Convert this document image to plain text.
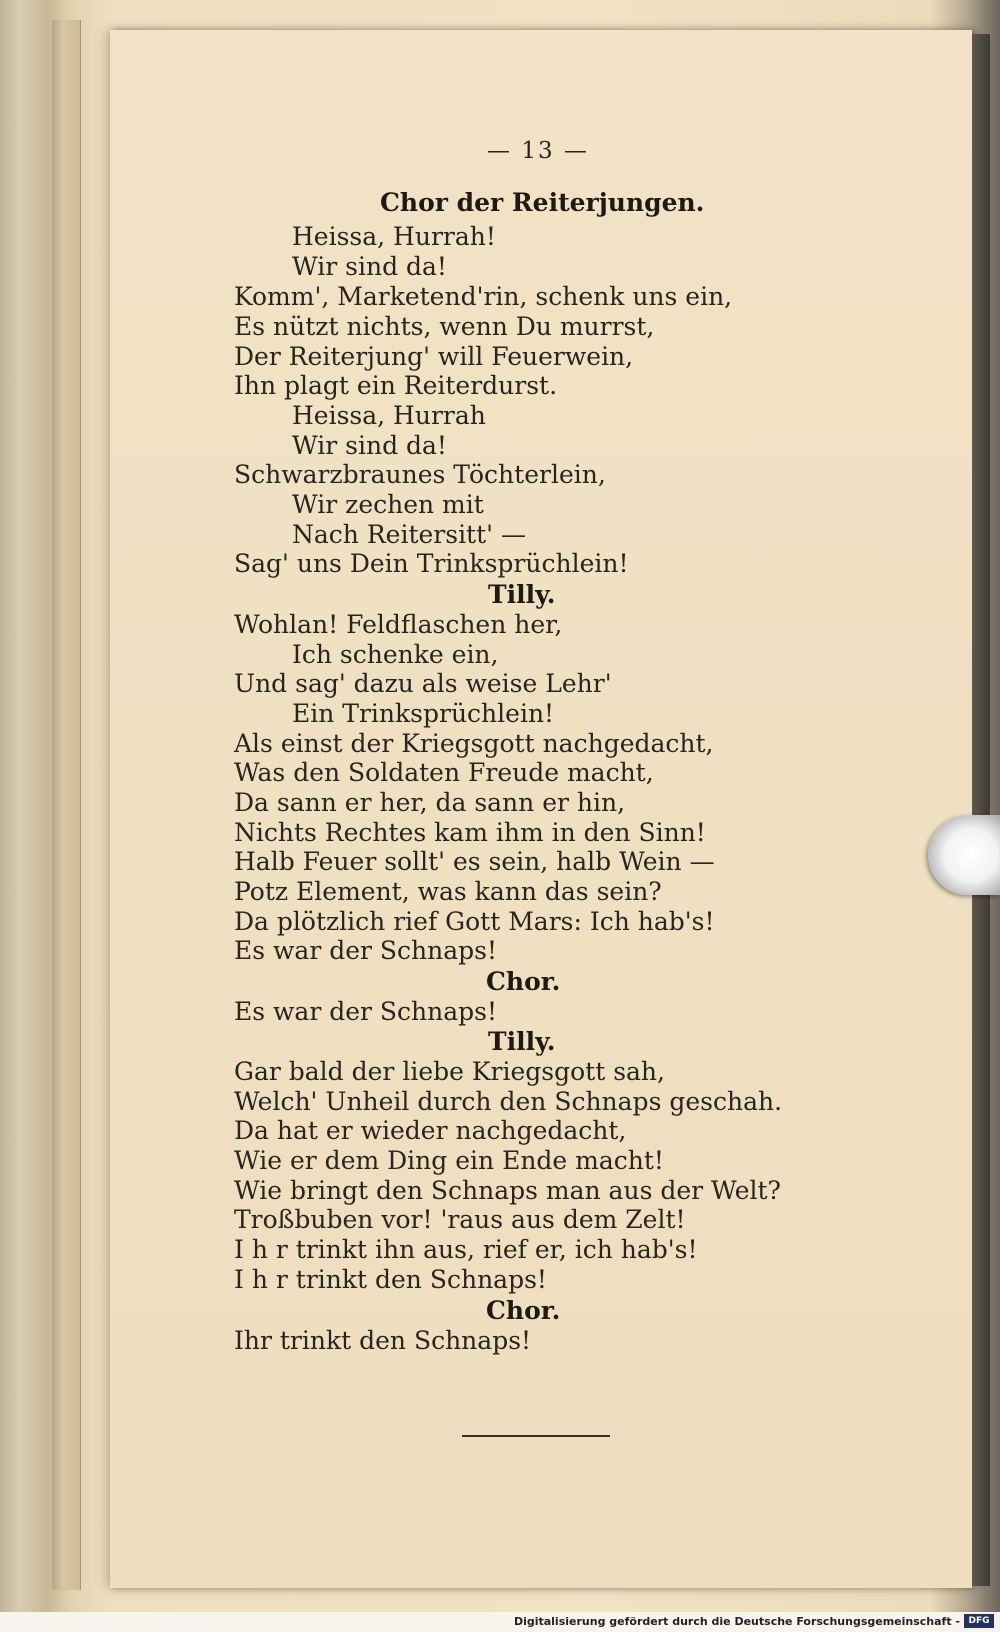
— 13 —
Chor der Reiterjungen.
Heissa, Hurrah!
Wir sind da!
Komm', Marketend'rin, schenk uns ein,
Es nützt nichts, wenn Du murrst,
Der Reiterjung' will Feuerwein,
Ihn plagt ein Reiterdurst.
Heissa, Hurrah
Wir sind da!
Schwarzbraunes Töchterlein,
Wir zechen mit
Nach Reitersitt' —
Sag' uns Dein Trinksprüchlein!
Tilly.
Wohlan! Feldflaschen her,
Ich schenke ein,
Und sag' dazu als weise Lehr'
Ein Trinksprüchlein!
Als einst der Kriegsgott nachgedacht,
Was den Soldaten Freude macht,
Da sann er her, da sann er hin,
Nichts Rechtes kam ihm in den Sinn!
Halb Feuer sollt' es sein, halb Wein —
Potz Element, was kann das sein?
Da plötzlich rief Gott Mars: Ich hab's!
Es war der Schnaps!
Chor.
Es war der Schnaps!
Tilly.
Gar bald der liebe Kriegsgott sah,
Welch' Unheil durch den Schnaps geschah.
Da hat er wieder nachgedacht,
Wie er dem Ding ein Ende macht!
Wie bringt den Schnaps man aus der Welt?
Troßbuben vor! 'raus aus dem Zelt!
I h r trinkt ihn aus, rief er, ich hab's!
I h r trinkt den Schnaps!
Chor.
Ihr trinkt den Schnaps!
Digitalisierung gefördert durch die Deutsche Forschungsgemeinschaft - DFG
